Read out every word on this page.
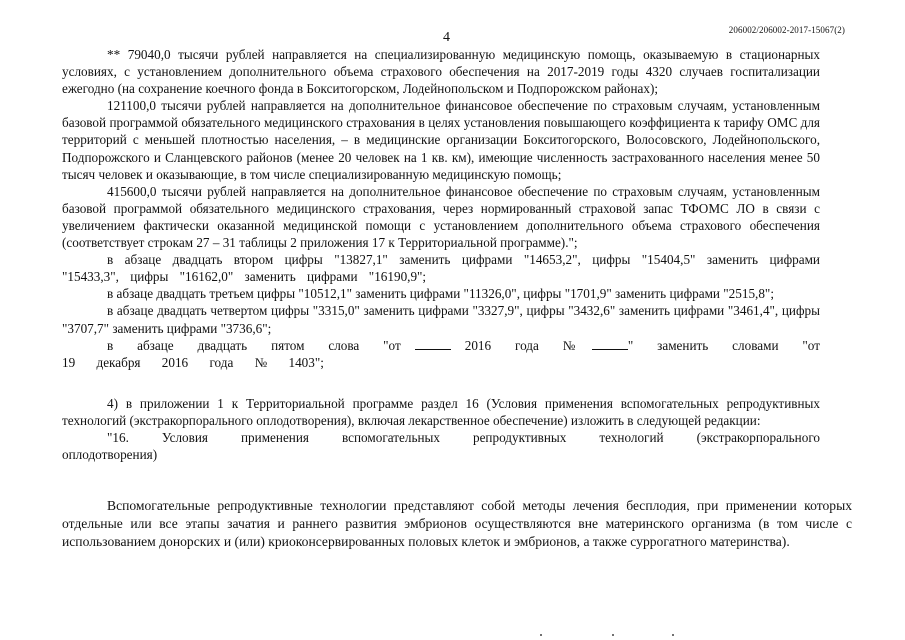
4	206002/206002-2017-15067(2)

** 79040,0 тысячи рублей направляется на специализированную медицинскую помощь, оказываемую в стационарных условиях, с установлением дополнительного объема страхового обеспечения на 2017-2019 годы 4320 случаев госпитализации ежегодно (на сохранение коечного фонда в Бокситогорском, Лодейнопольском и Подпорожском районах);

121100,0 тысячи рублей направляется на дополнительное финансовое обеспечение по страховым случаям, установленным базовой программой обязательного медицинского страхования в целях установления повышающего коэффициента к тарифу ОМС для территорий с меньшей плотностью населения, – в медицинские организации Бокситогорского, Волосовского, Лодейнопольского, Подпорожского и Сланцевского районов (менее 20 человек на 1 кв. км), имеющие численность застрахованного населения менее 50 тысяч человек и оказывающие, в том числе специализированную медицинскую помощь;

415600,0 тысячи рублей направляется на дополнительное финансовое обеспечение по страховым случаям, установленным базовой программой обязательного медицинского страхования, через нормированный страховой запас ТФОМС ЛО в связи с увеличением фактически оказанной медицинской помощи с установлением дополнительного объема страхового обеспечения (соответствует строкам 27 – 31 таблицы 2 приложения 17 к Территориальной программе).";

в абзаце двадцать втором цифры "13827,1" заменить цифрами "14653,2", цифры "15404,5" заменить цифрами "15433,3", цифры "16162,0" заменить цифрами "16190,9";

в абзаце двадцать третьем цифры "10512,1" заменить цифрами "11326,0", цифры "1701,9" заменить цифрами "2515,8";

в абзаце двадцать четвертом цифры "3315,0" заменить цифрами "3327,9", цифры "3432,6" заменить цифрами "3461,4", цифры "3707,7" заменить цифрами "3736,6";

в абзаце двадцать пятом слова "от	2016 года №	" заменить словами "от 19 декабря 2016 года № 1403";

4) в приложении 1 к Территориальной программе раздел 16 (Условия применения вспомогательных репродуктивных технологий (экстракорпорального оплодотворения), включая лекарственное обеспечение) изложить в следующей редакции:

"16. Условия применения вспомогательных репродуктивных технологий (экстракорпорального оплодотворения)

Вспомогательные репродуктивные технологии представляют собой методы лечения бесплодия, при применении которых отдельные или все этапы зачатия и раннего развития эмбрионов осуществляются вне материнского организма (в том числе с использованием донорских и (или) криоконсервированных половых клеток и эмбрионов, а также суррогатного материнства).
